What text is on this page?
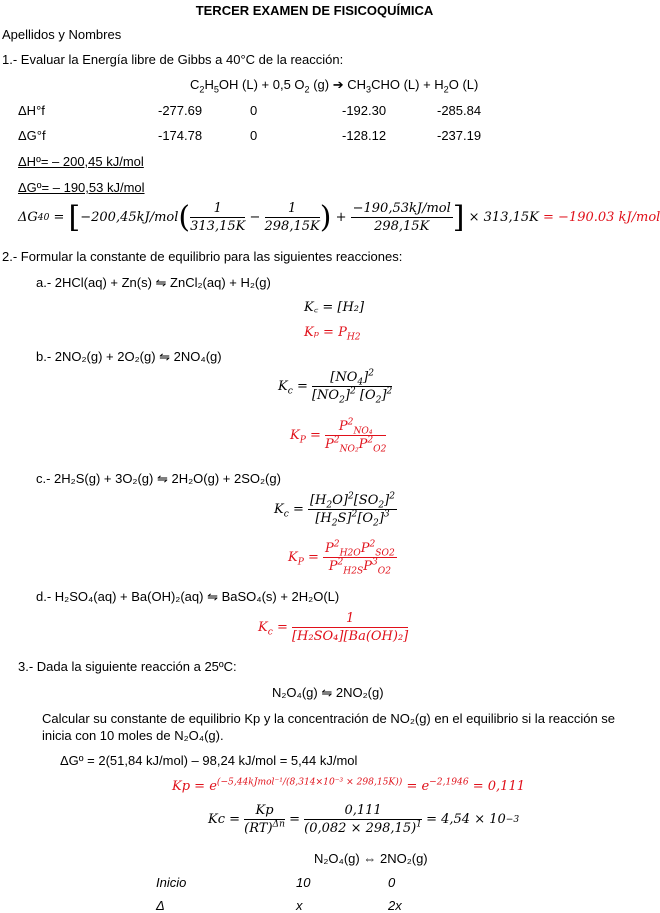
TERCER EXAMEN DE FISICOQUÍMICA
Apellidos y Nombres
1.- Evaluar la Energía libre de Gibbs a 40°C de la reacción:
$C_2H_5OH$ (L) + 0,5 $O_2$ (g) ➔ $CH_3CHO$ $(L) + H_2O$ (L)
ΔH°f	-277.69	0	-192.30	-285.84
ΔG°f	-174.78	0	-128.12	-237.19
ΔHº= – 200,45 kJ/mol
ΔGº= – 190,53 kJ/mol
ΔG 40 = [ −200,45kJ/mol ( $\frac{1}{313,15K} - \frac{1}{298,15K}$ ) + $\frac{\text{−190,53kJ/mol}}{298,15K}$ ]
× 313,15K
= −190.03 kJ/mol
2.- Formular la constante de equilibrio para las siguientes reacciones:
a.- 2HCl(aq) + Zn(s) ⇋ ZnCl₂(aq) + H₂(g)
K꜀ = [H₂]
$K_p = P_{H2}$
b.- 2NO₂(g) + 2O₂(g) ⇋ 2NO₄(g)
$K_c = \frac{[NO_4]^2}{[NO_2]^2 [O_2]^2}$
$K_P = \frac{P^2_{NO_4}}{P^2_{NO_2}P^2_{O2}}$
c.- 2H₂S(g) + 3O₂(g) ⇋ 2H₂O(g) + 2SO₂(g)
$K_c = \frac{[H_2O]^2[SO_2]^2}{[H_2S]^2[O_2]^3}$
$K_P = \frac{P^2_{H2O}P^2_{SO2}}{P^2_{H2S}P^3_{O2}}$
d.- H₂SO₄(aq) + Ba(OH)₂(aq) ⇋ BaSO₄(s) + 2H₂O(L)
$K_c = \frac{1}{\text{[H₂SO₄][Ba(OH)₂]}}$
3.- Dada la siguiente reacción a 25ºC:
N₂O₄(g) ⇋ 2NO₂(g)
Calcular su constante de equilibrio Kp y la concentración de NO₂(g) en el equilibrio si la reacción se
inicia con 10 moles de N₂O₄(g).
ΔGº = 2(51,84 kJ/mol) – 98,24 kJ/mol = 5,44 kJ/mol
$Kp = e^{(-5,44kJmol^{-1}/(8,314\times 10^{-3} \times 298,15K))} = e^{-2,1946} = 0,111$
Kc =
$\frac{Kp}{(RT)^{\Delta n}} = \frac{0,111}{(0,082 \times 298,15)^1}$
= 4,54 × 10 −3
N₂O₄(g) ⇔ 2NO₂(g)
Inicio	10	0
Δ	x	2x
